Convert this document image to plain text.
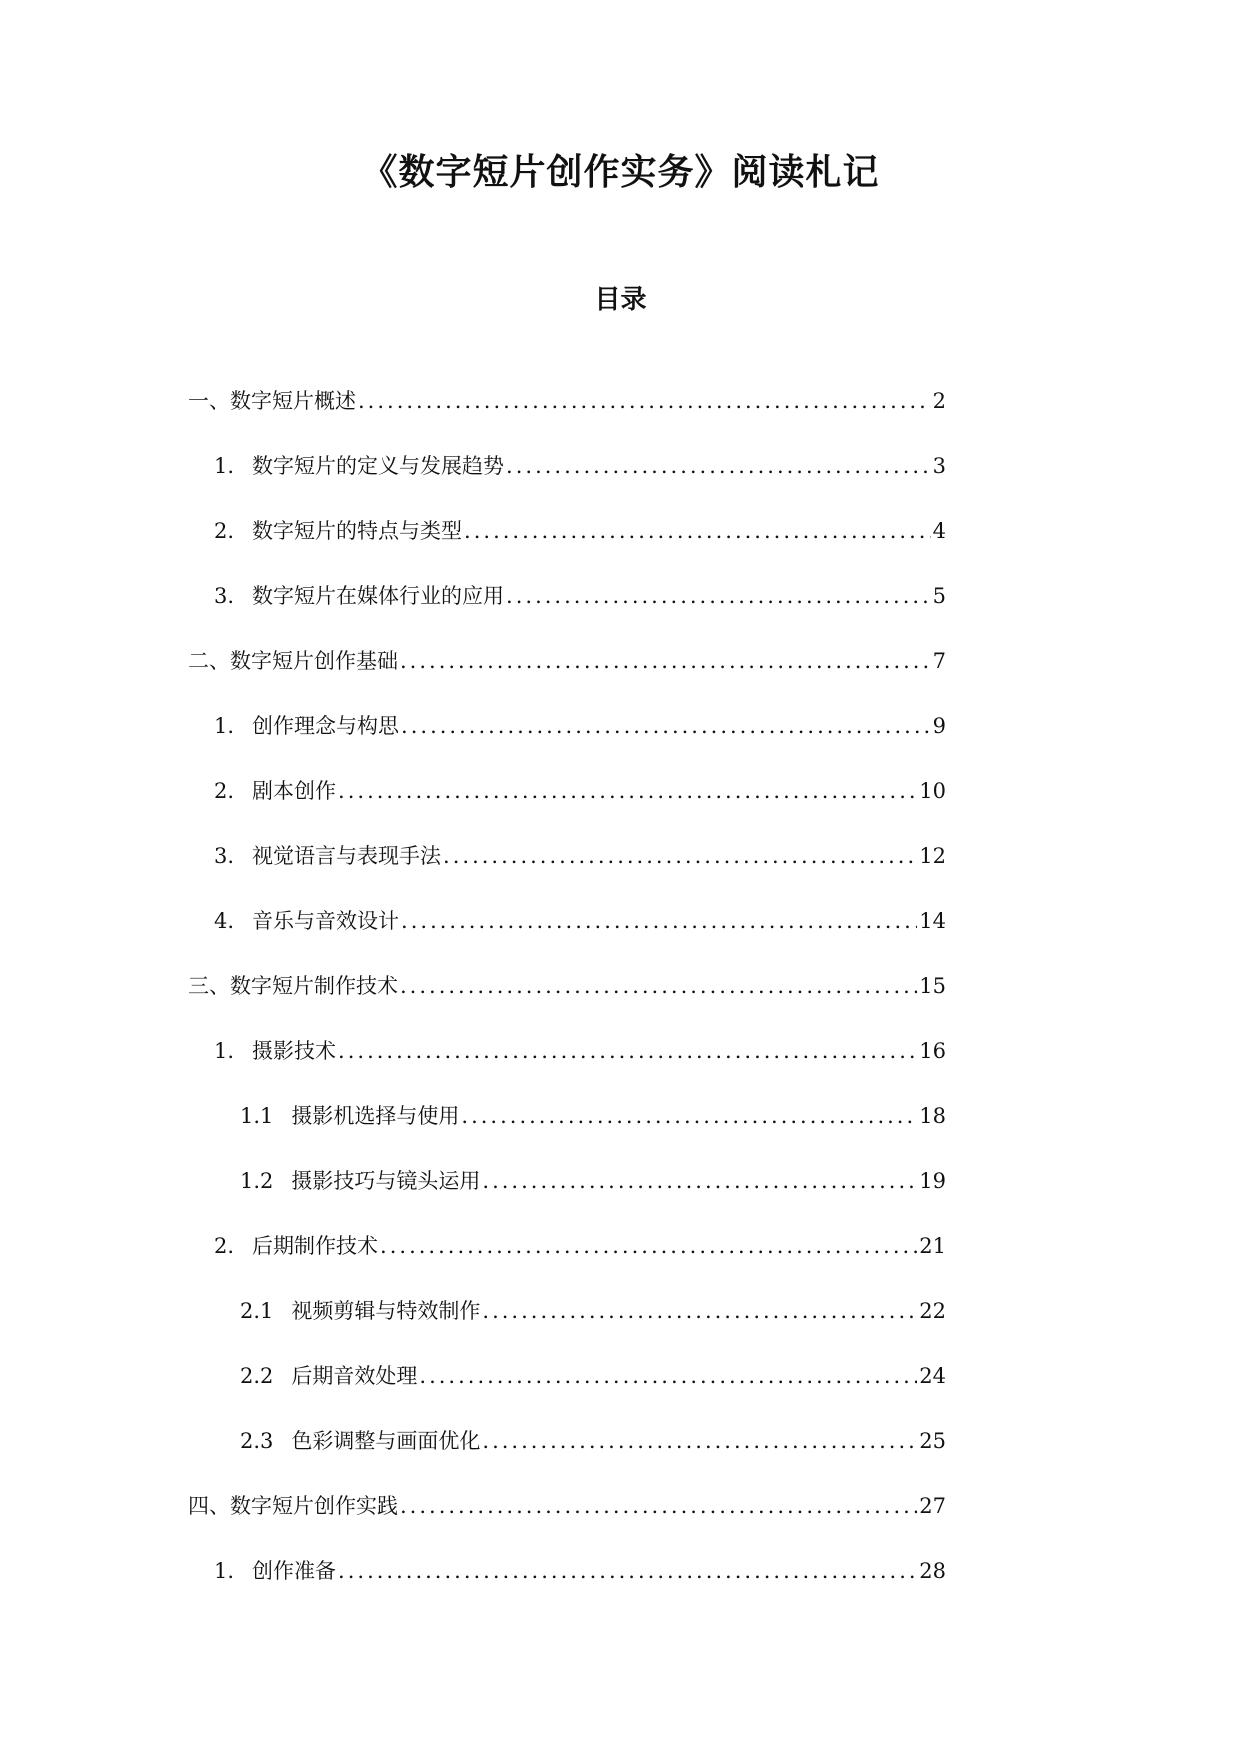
《数字短片创作实务》阅读札记
目录
一、数字短片概述 .....	2
1. 数字短片的定义与发展趋势 .....	3
2. 数字短片的特点与类型 .....	4
3. 数字短片在媒体行业的应用 .....	5
二、数字短片创作基础 .....	7
1. 创作理念与构思 .....	9
2. 剧本创作 .....	10
3. 视觉语言与表现手法 .....	12
4. 音乐与音效设计 .....	14
三、数字短片制作技术 .....	15
1. 摄影技术 .....	16
1.1 摄影机选择与使用 .....	18
1.2 摄影技巧与镜头运用 .....	19
2. 后期制作技术 .....	21
2.1 视频剪辑与特效制作 .....	22
2.2 后期音效处理 .....	24
2.3 色彩调整与画面优化 .....	25
四、数字短片创作实践 .....	27
1. 创作准备 .....	28
